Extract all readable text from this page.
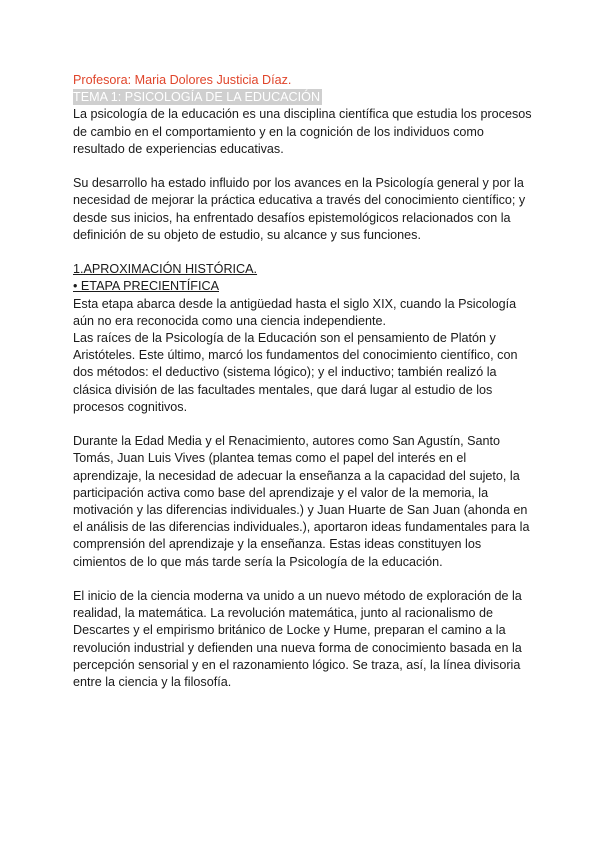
Profesora: Maria Dolores Justicia Díaz.

TEMA 1: PSICOLOGÍA DE LA EDUCACIÓN

La psicología de la educación es una disciplina científica que estudia los procesos de cambio en el comportamiento y en la cognición de los individuos como resultado de experiencias educativas.

Su desarrollo ha estado influido por los avances en la Psicología general y por la necesidad de mejorar la práctica educativa a través del conocimiento científico; y desde sus inicios, ha enfrentado desafíos epistemológicos relacionados con la definición de su objeto de estudio, su alcance y sus funciones.

1.APROXIMACIÓN HISTÓRICA.

• ETAPA PRECIENTÍFICA

Esta etapa abarca desde la antigüedad hasta el siglo XIX, cuando la Psicología aún no era reconocida como una ciencia independiente.

Las raíces de la Psicología de la Educación son el pensamiento de Platón y Aristóteles. Este último, marcó los fundamentos del conocimiento científico, con dos métodos: el deductivo (sistema lógico); y el inductivo; también realizó la clásica división de las facultades mentales, que dará lugar al estudio de los procesos cognitivos.

Durante la Edad Media y el Renacimiento, autores como San Agustín, Santo Tomás, Juan Luis Vives (plantea temas como el papel del interés en el aprendizaje, la necesidad de adecuar la enseñanza a la capacidad del sujeto, la participación activa como base del aprendizaje y el valor de la memoria, la motivación y las diferencias individuales.) y Juan Huarte de San Juan (ahonda en el análisis de las diferencias individuales.), aportaron ideas fundamentales para la comprensión del aprendizaje y la enseñanza. Estas ideas constituyen los cimientos de lo que más tarde sería la Psicología de la educación.

El inicio de la ciencia moderna va unido a un nuevo método de exploración de la realidad, la matemática. La revolución matemática, junto al racionalismo de Descartes y el empirismo británico de Locke y Hume, preparan el camino a la revolución industrial y defienden una nueva forma de conocimiento basada en la percepción sensorial y en el razonamiento lógico. Se traza, así, la línea divisoria entre la ciencia y la filosofía.
